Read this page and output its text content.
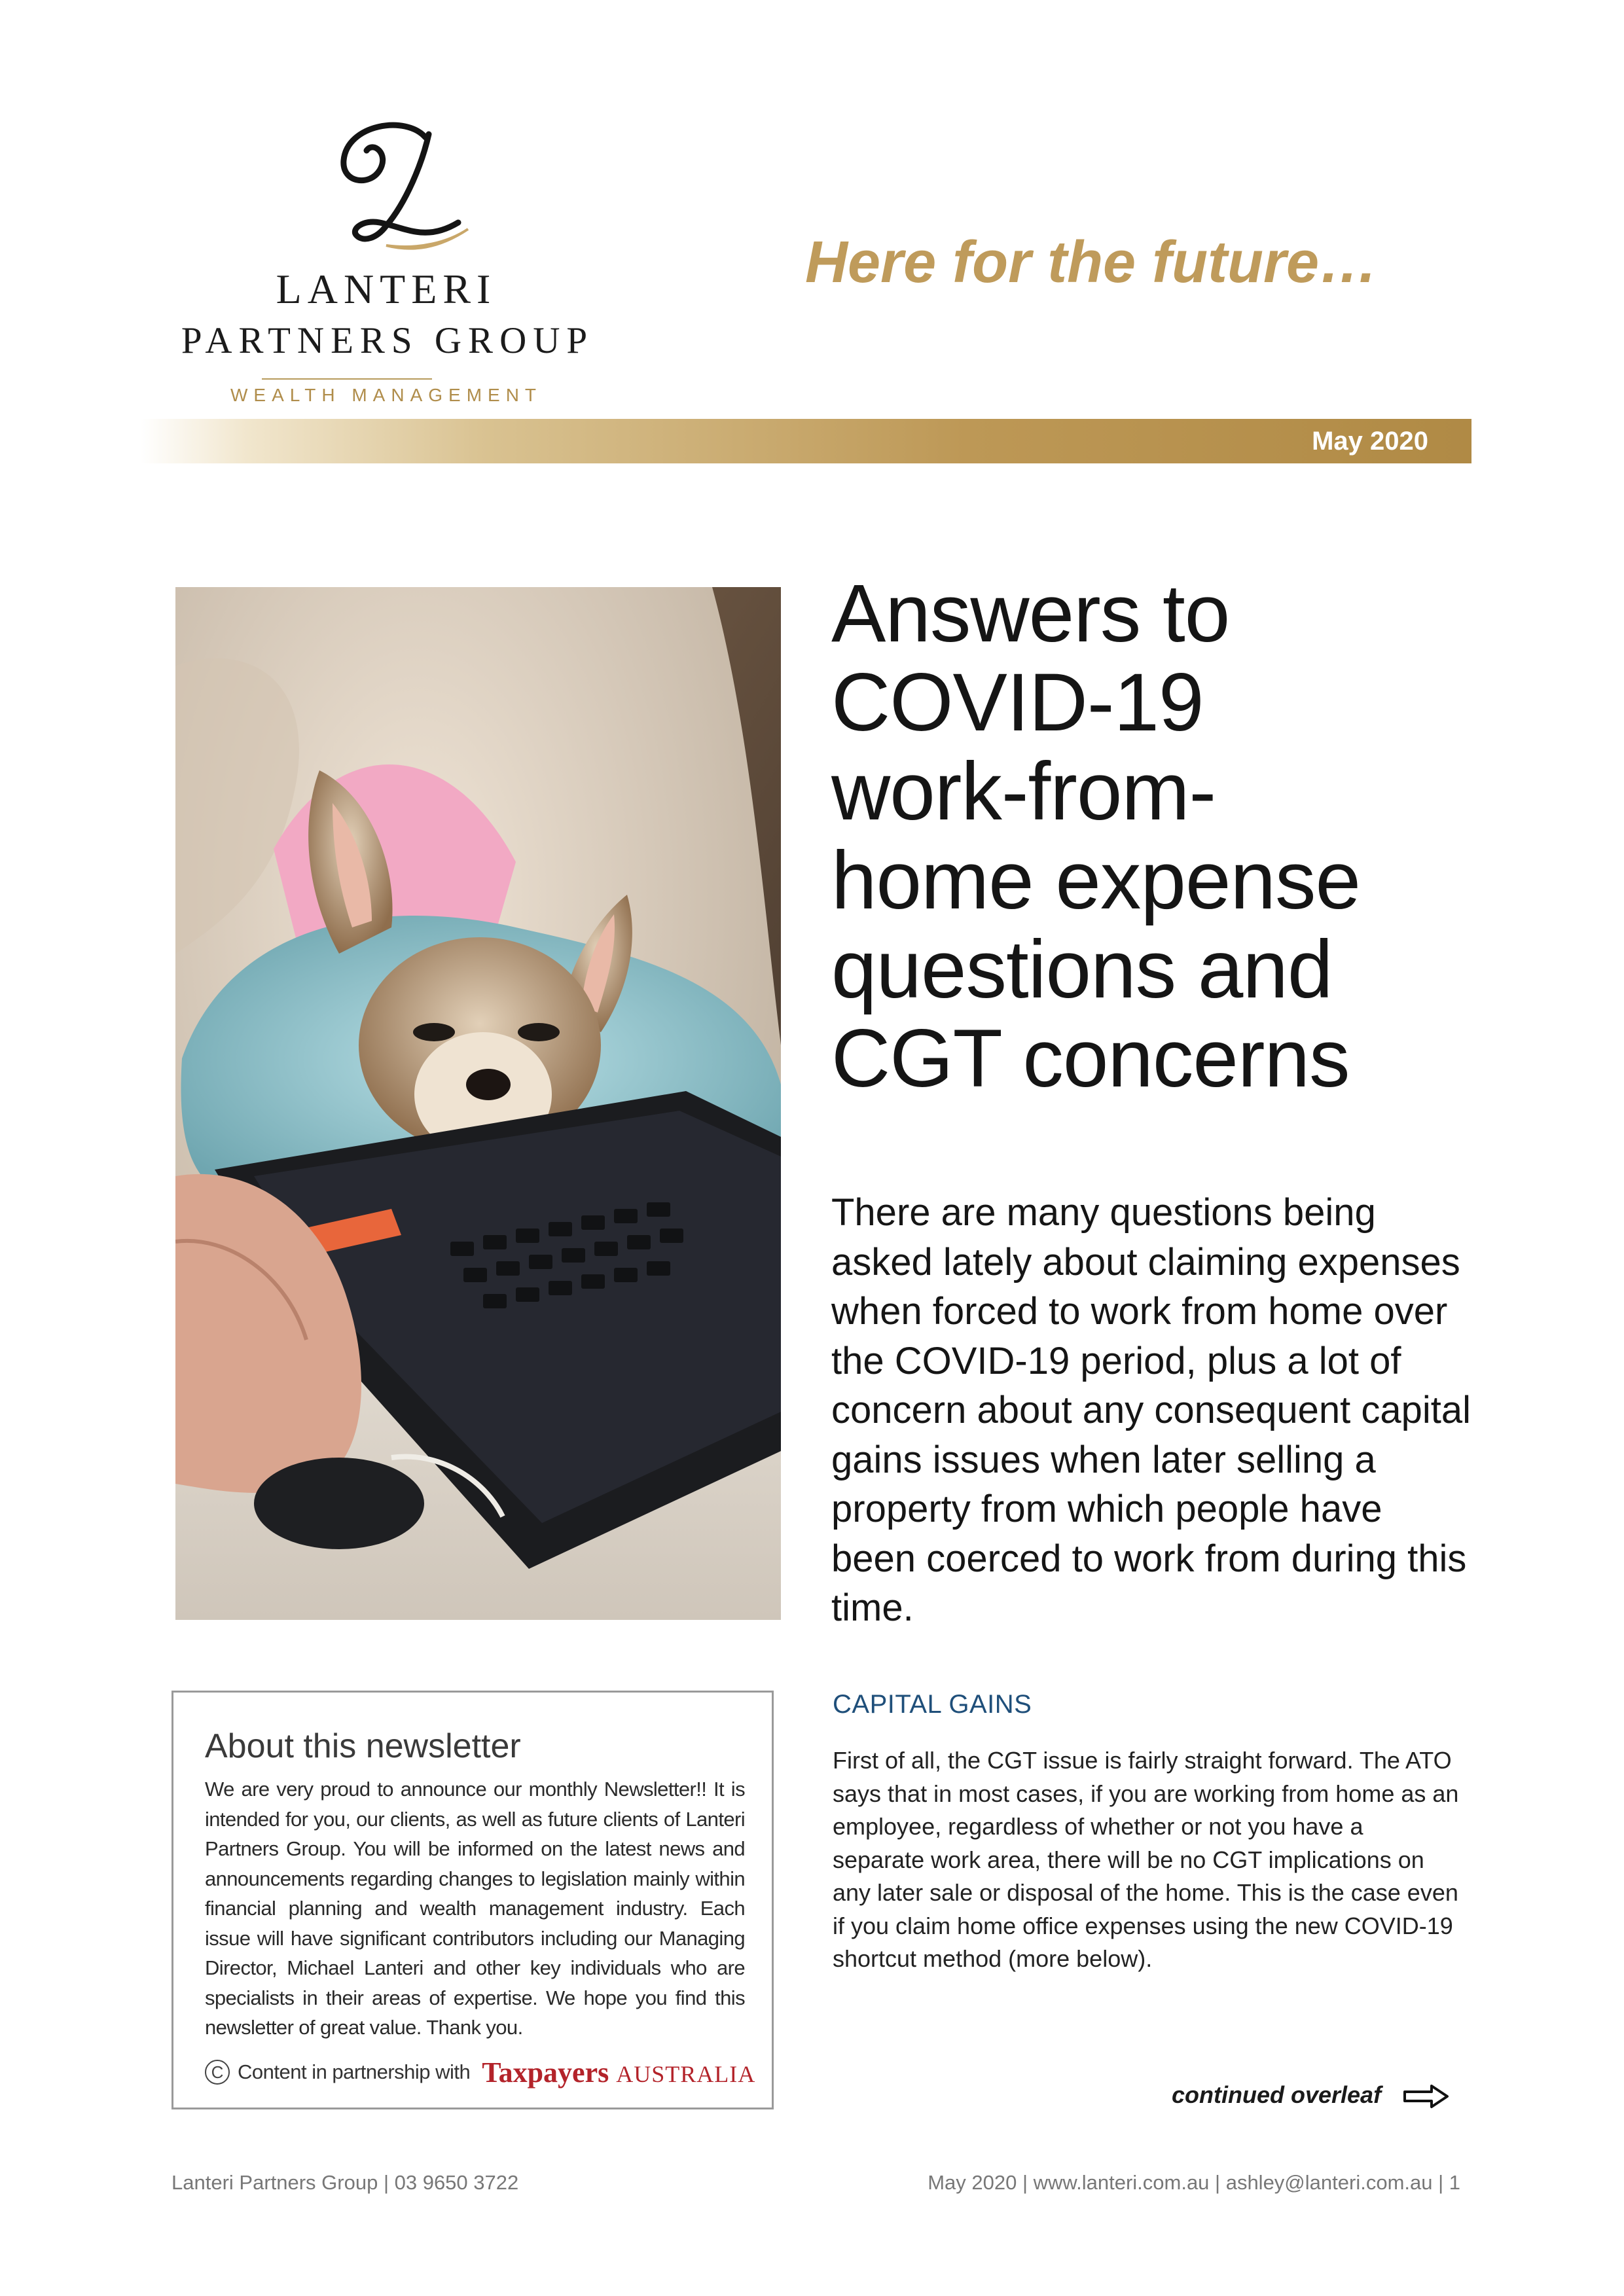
LANTERI
PARTNERS GROUP
WEALTH MANAGEMENT
Here for the future…
May 2020
Answers to
COVID-19
work-from-
home expense
questions and
CGT concerns
There are many questions being asked lately about claiming expenses when forced to work from home over the COVID-19 period, plus a lot of concern about any consequent capital gains issues when later selling a property from which people have been coerced to work from during this time.
CAPITAL GAINS
First of all, the CGT issue is fairly straight forward. The ATO says that in most cases, if you are working from home as an employee, regardless of whether or not you have a separate work area, there will be no CGT implications on any later sale or disposal of the home. This is the case even if you claim home office expenses using the new COVID-19 shortcut method (more below).
About this newsletter
We are very proud to announce our monthly Newsletter!! It is intended for you, our clients, as well as future clients of Lanteri Partners Group. You will be informed on the latest news and announcements regarding changes to legislation mainly within financial planning and wealth management industry. Each issue will have significant contributors including our Managing Director, Michael Lanteri and other key individuals who are specialists in their areas of expertise. We hope you find this newsletter of great value. Thank you.
C Content in partnership with Taxpayers AUSTRALIA
continued overleaf
Lanteri Partners Group | 03 9650 3722	May 2020 | www.lanteri.com.au | ashley@lanteri.com.au | 1
